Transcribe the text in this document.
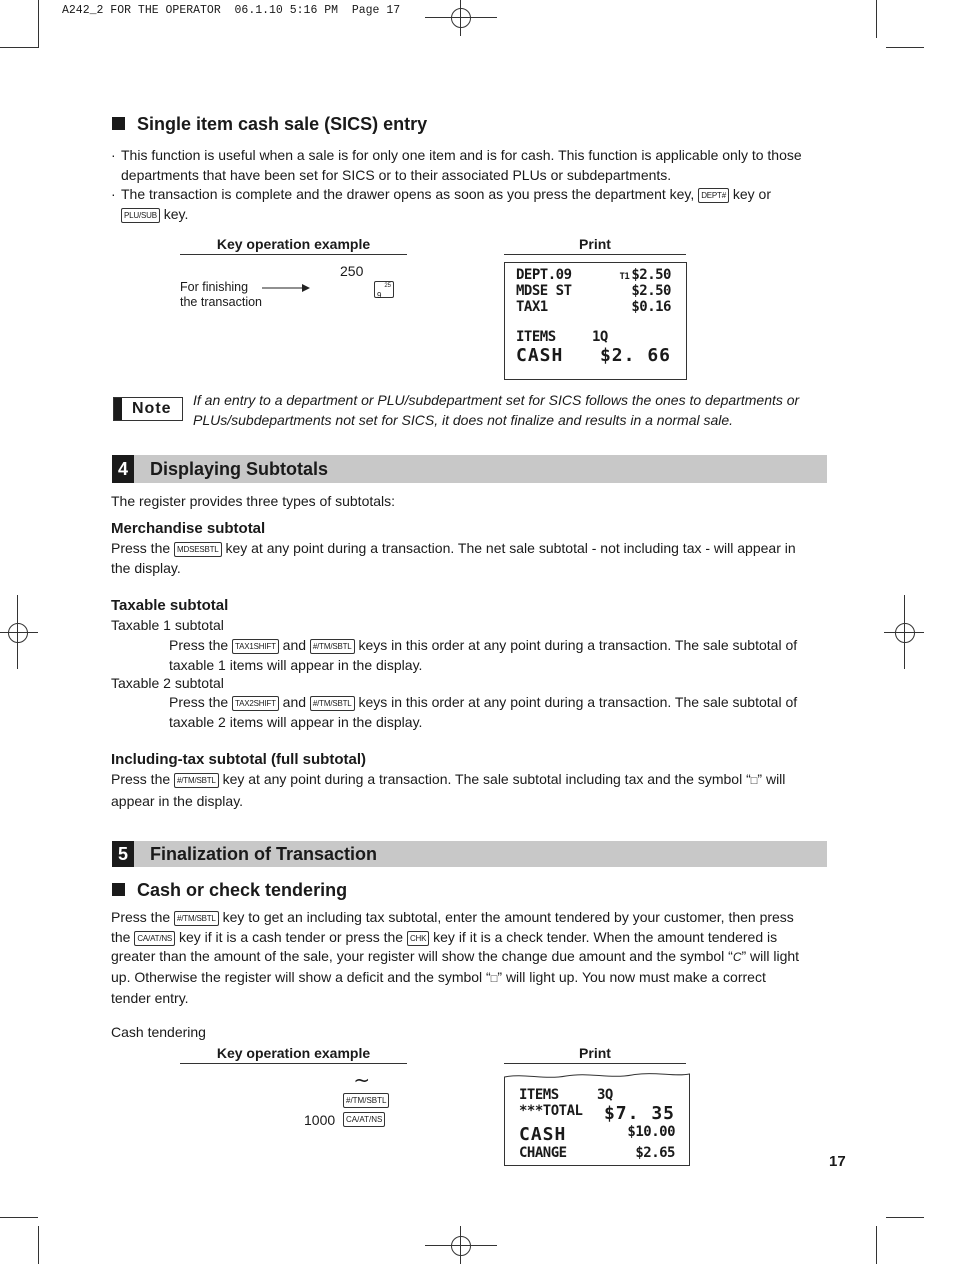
A242_2 FOR THE OPERATOR  06.1.10 5:16 PM  Page 17
Single item cash sale (SICS) entry
· This function is useful when a sale is for only one item and is for cash. This function is applicable only to those departments that have been set for SICS or to their associated PLUs or subdepartments.
· The transaction is complete and the drawer opens as soon as you press the department key, DEPT# key or
PLU/SUB key.
Key operation example	Print
250
For finishing
the transaction
25
9
DEPT.09	T1 $2.50
MDSE ST	$2.50
TAX1	$0.16
ITEMS	1Q
CASH $2. 66
Note	If an entry to a department or PLU/subdepartment set for SICS follows the ones to departments or PLUs/subdepartments not set for SICS, it does not finalize and results in a normal sale.
4	Displaying Subtotals
The register provides three types of subtotals:
Merchandise subtotal
Press the MDSESBTL key at any point during a transaction. The net sale subtotal - not including tax - will appear in
the display.
Taxable subtotal
Taxable 1 subtotal
Press the TAX1SHIFT and #/TM/SBTL keys in this order at any point during a transaction. The sale subtotal of
taxable 1 items will appear in the display.
Taxable 2 subtotal
Press the TAX2SHIFT and #/TM/SBTL keys in this order at any point during a transaction. The sale subtotal of
taxable 2 items will appear in the display.
Including-tax subtotal (full subtotal)
Press the #/TM/SBTL key at any point during a transaction. The sale subtotal including tax and the symbol “□” will
appear in the display.
5	Finalization of Transaction
Cash or check tendering
Press the #/TM/SBTL key to get an including tax subtotal, enter the amount tendered by your customer, then press
the CA/AT/NS key if it is a cash tender or press the CHK key if it is a check tender. When the amount tendered is
greater than the amount of the sale, your register will show the change due amount and the symbol “C” will light
up. Otherwise the register will show a deficit and the symbol “□” will light up. You now must make a correct
tender entry.
Cash tendering
Key operation example	Print
≀
#/TM/SBTL
1000	CA/AT/NS
ITEMS	3Q
***TOTAL $7. 35
CASH	$10.00
CHANGE	$2.65	17
